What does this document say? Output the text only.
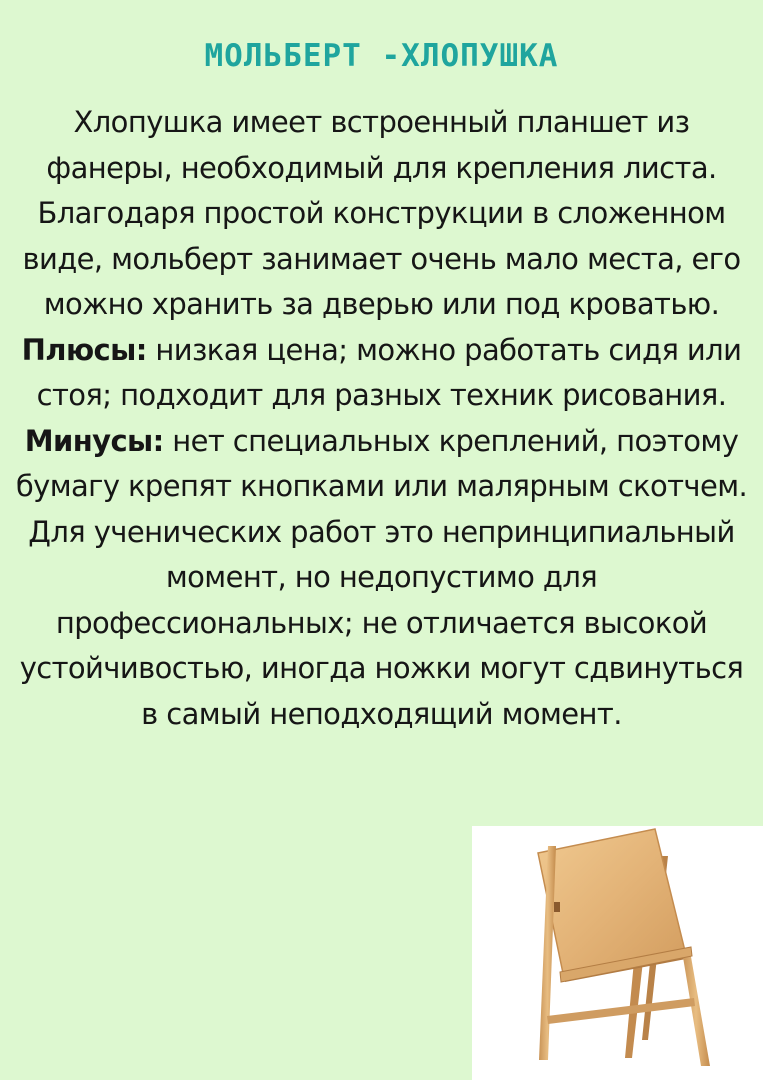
МОЛЬБЕРТ -ХЛОПУШКА

Хлопушка имеет встроенный планшет из фанеры, необходимый для крепления листа. Благодаря простой конструкции в сложенном виде, мольберт занимает очень мало места, его можно хранить за дверью или под кроватью.

Плюсы: низкая цена; можно работать сидя или стоя; подходит для разных техник рисования.

Минусы: нет специальных креплений, поэтому бумагу крепят кнопками или малярным скотчем. Для ученических работ это непринципиальный момент, но недопустимо для профессиональных; не отличается высокой устойчивостью, иногда ножки могут сдвинуться в самый неподходящий момент.
